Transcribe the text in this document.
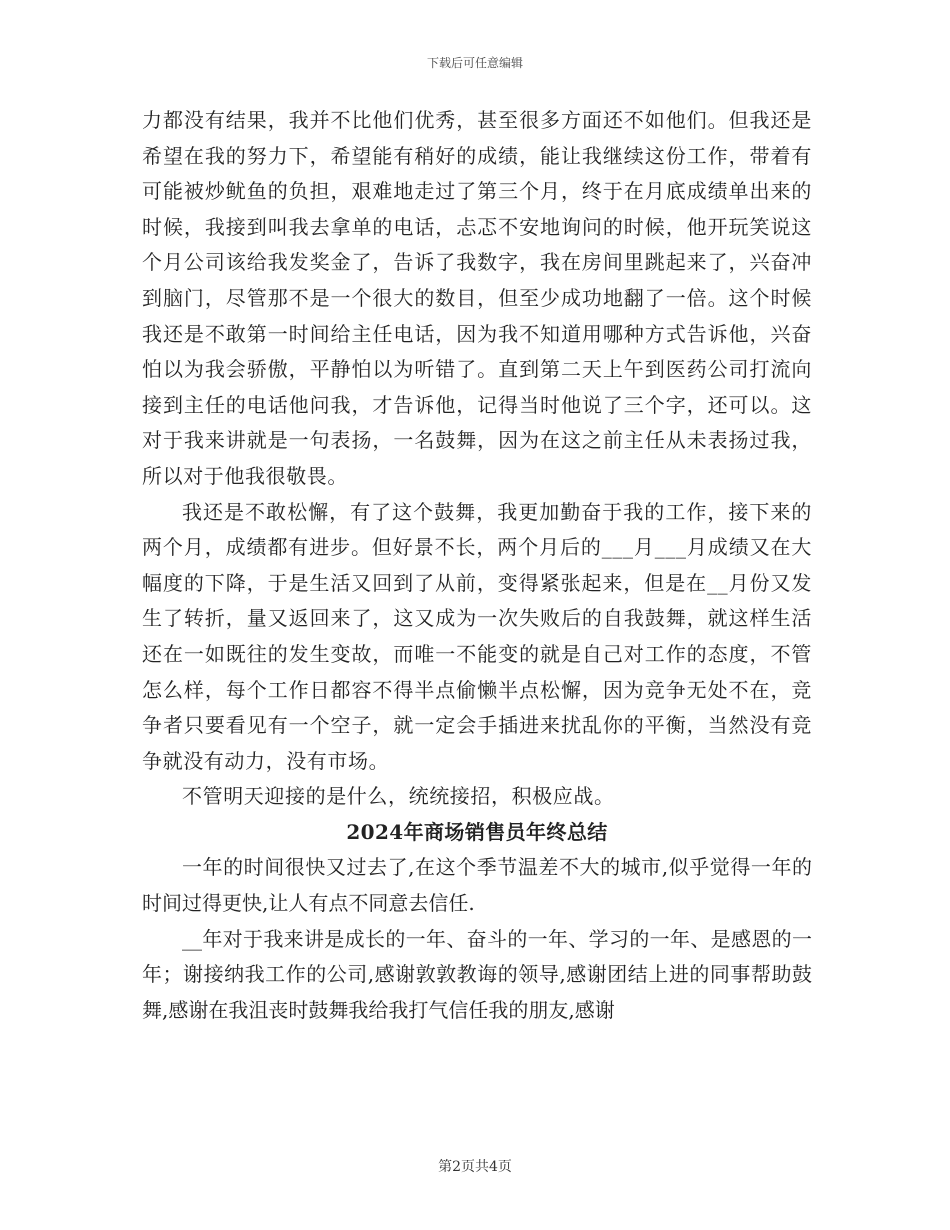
下载后可任意编辑

力都没有结果，我并不比他们优秀，甚至很多方面还不如他们。但我还是希望在我的努力下，希望能有稍好的成绩，能让我继续这份工作，带着有可能被炒鱿鱼的负担，艰难地走过了第三个月，终于在月底成绩单出来的时候，我接到叫我去拿单的电话，忐忑不安地询问的时候，他开玩笑说这个月公司该给我发奖金了，告诉了我数字，我在房间里跳起来了，兴奋冲到脑门，尽管那不是一个很大的数目，但至少成功地翻了一倍。这个时候我还是不敢第一时间给主任电话，因为我不知道用哪种方式告诉他，兴奋怕以为我会骄傲，平静怕以为听错了。直到第二天上午到医药公司打流向接到主任的电话他问我，才告诉他，记得当时他说了三个字，还可以。这对于我来讲就是一句表扬，一名鼓舞，因为在这之前主任从未表扬过我，所以对于他我很敬畏。

我还是不敢松懈，有了这个鼓舞，我更加勤奋于我的工作，接下来的两个月，成绩都有进步。但好景不长，两个月后的___月___月成绩又在大幅度的下降，于是生活又回到了从前，变得紧张起来，但是在__月份又发生了转折，量又返回来了，这又成为一次失败后的自我鼓舞，就这样生活还在一如既往的发生变故，而唯一不能变的就是自己对工作的态度，不管怎么样，每个工作日都容不得半点偷懒半点松懈，因为竞争无处不在，竞争者只要看见有一个空子，就一定会手插进来扰乱你的平衡，当然没有竞争就没有动力，没有市场。

不管明天迎接的是什么，统统接招，积极应战。

2024年商场销售员年终总结

一年的时间很快又过去了,在这个季节温差不大的城市,似乎觉得一年的时间过得更快,让人有点不同意去信任.

__年对于我来讲是成长的一年、奋斗的一年、学习的一年、是感恩的一年；谢接纳我工作的公司,感谢敦敦教诲的领导,感谢团结上进的同事帮助鼓舞,感谢在我沮丧时鼓舞我给我打气信任我的朋友,感谢

第2页共4页
